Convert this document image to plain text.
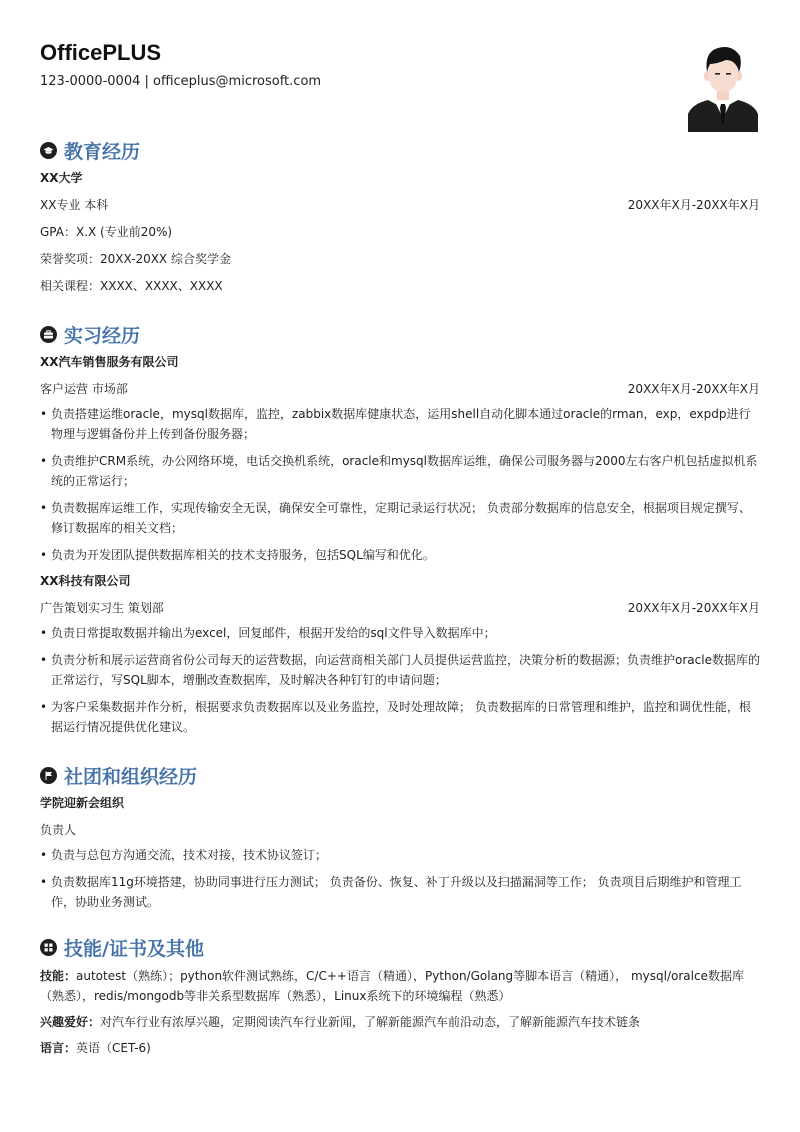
OfficePLUS
123-0000-0004 | officeplus@microsoft.com
教育经历
XX大学
XX专业 本科	20XX年X月-20XX年X月
GPA：X.X (专业前20%)
荣誉奖项：20XX-20XX 综合奖学金
相关课程：XXXX、XXXX、XXXX
实习经历
XX汽车销售服务有限公司
客户运营 市场部	20XX年X月-20XX年X月
• 负责搭建运维oracle，mysql数据库，监控，zabbix数据库健康状态，运用shell自动化脚本通过oracle的rman，exp，expdp进行物理与逻辑备份并上传到备份服务器；
• 负责维护CRM系统，办公网络环境，电话交换机系统，oracle和mysql数据库运维，确保公司服务器与2000左右客户机包括虚拟机系统的正常运行；
• 负责数据库运维工作，实现传输安全无误，确保安全可靠性，定期记录运行状况； 负责部分数据库的信息安全，根据项目规定撰写、修订数据库的相关文档；
• 负责为开发团队提供数据库相关的技术支持服务，包括SQL编写和优化。
XX科技有限公司
广告策划实习生 策划部	20XX年X月-20XX年X月
• 负责日常提取数据并输出为excel，回复邮件，根据开发给的sql文件导入数据库中；
• 负责分析和展示运营商省份公司每天的运营数据，向运营商相关部门人员提供运营监控，决策分析的数据源；负责维护oracle数据库的正常运行，写SQL脚本，增删改查数据库，及时解决各种钉钉的申请问题；
• 为客户采集数据并作分析，根据要求负责数据库以及业务监控，及时处理故障； 负责数据库的日常管理和维护，监控和调优性能，根据运行情况提供优化建议。
社团和组织经历
学院迎新会组织
负责人
• 负责与总包方沟通交流，技术对接，技术协议签订；
• 负责数据库11g环境搭建，协助同事进行压力测试； 负责备份、恢复、补丁升级以及扫描漏洞等工作； 负责项目后期维护和管理工作，协助业务测试。
技能/证书及其他
技能：autotest（熟练）；python软件测试熟练，C/C++语言（精通），Python/Golang等脚本语言（精通）， mysql/oralce数据库（熟悉），redis/mongodb等非关系型数据库（熟悉），Linux系统下的环境编程（熟悉）
兴趣爱好：对汽车行业有浓厚兴趣，定期阅读汽车行业新闻，了解新能源汽车前沿动态，了解新能源汽车技术链条
语言：英语（CET-6)
